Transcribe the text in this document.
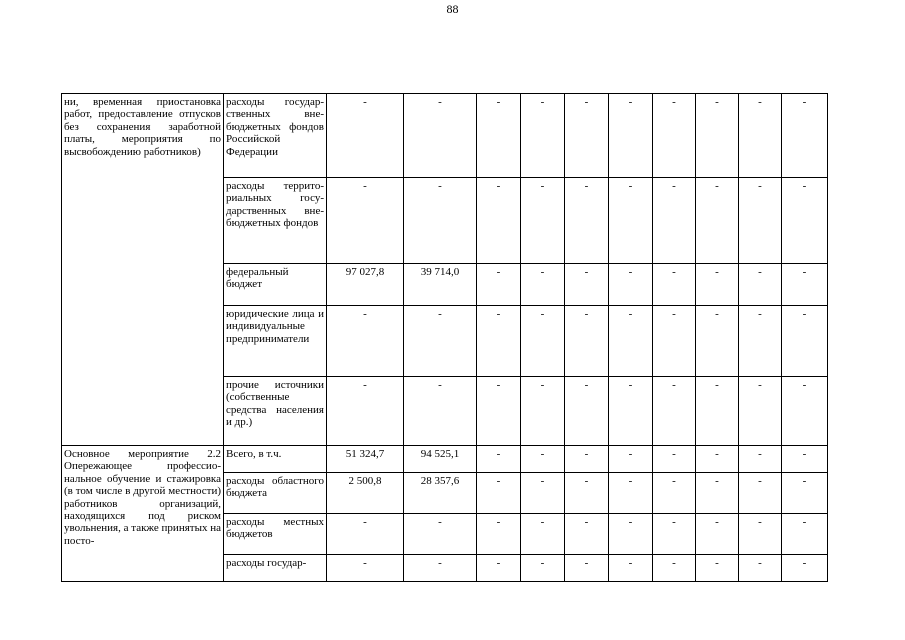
88
ни, временная приостановка работ, предоставление отпусков без сохранения заработной платы, мероприятия по высвобождению работников)	расходы государственных внебюджетных фондов Российской Федерации	-	-	-	-	-	-	-	-	-	-
	расходы территориальных государственных внебюджетных фондов	-	-	-	-	-	-	-	-	-	-
	федеральный бюджет	97 027,8	39 714,0	-	-	-	-	-	-	-	-
	юридические лица и индивидуальные предприниматели	-	-	-	-	-	-	-	-	-	-
	прочие источники (собственные средства населения и др.)	-	-	-	-	-	-	-	-	-	-
Основное мероприятие 2.2 Опережающее профессиональное обучение и стажировка (в том числе в другой местности) работников организаций, находящихся под риском увольнения, а также принятых на посто-	Всего, в т.ч.	51 324,7	94 525,1	-	-	-	-	-	-	-	-
	расходы областного бюджета	2 500,8	28 357,6	-	-	-	-	-	-	-	-
	расходы местных бюджетов	-	-	-	-	-	-	-	-	-	-
	расходы государ-	-	-	-	-	-	-	-	-	-	-
